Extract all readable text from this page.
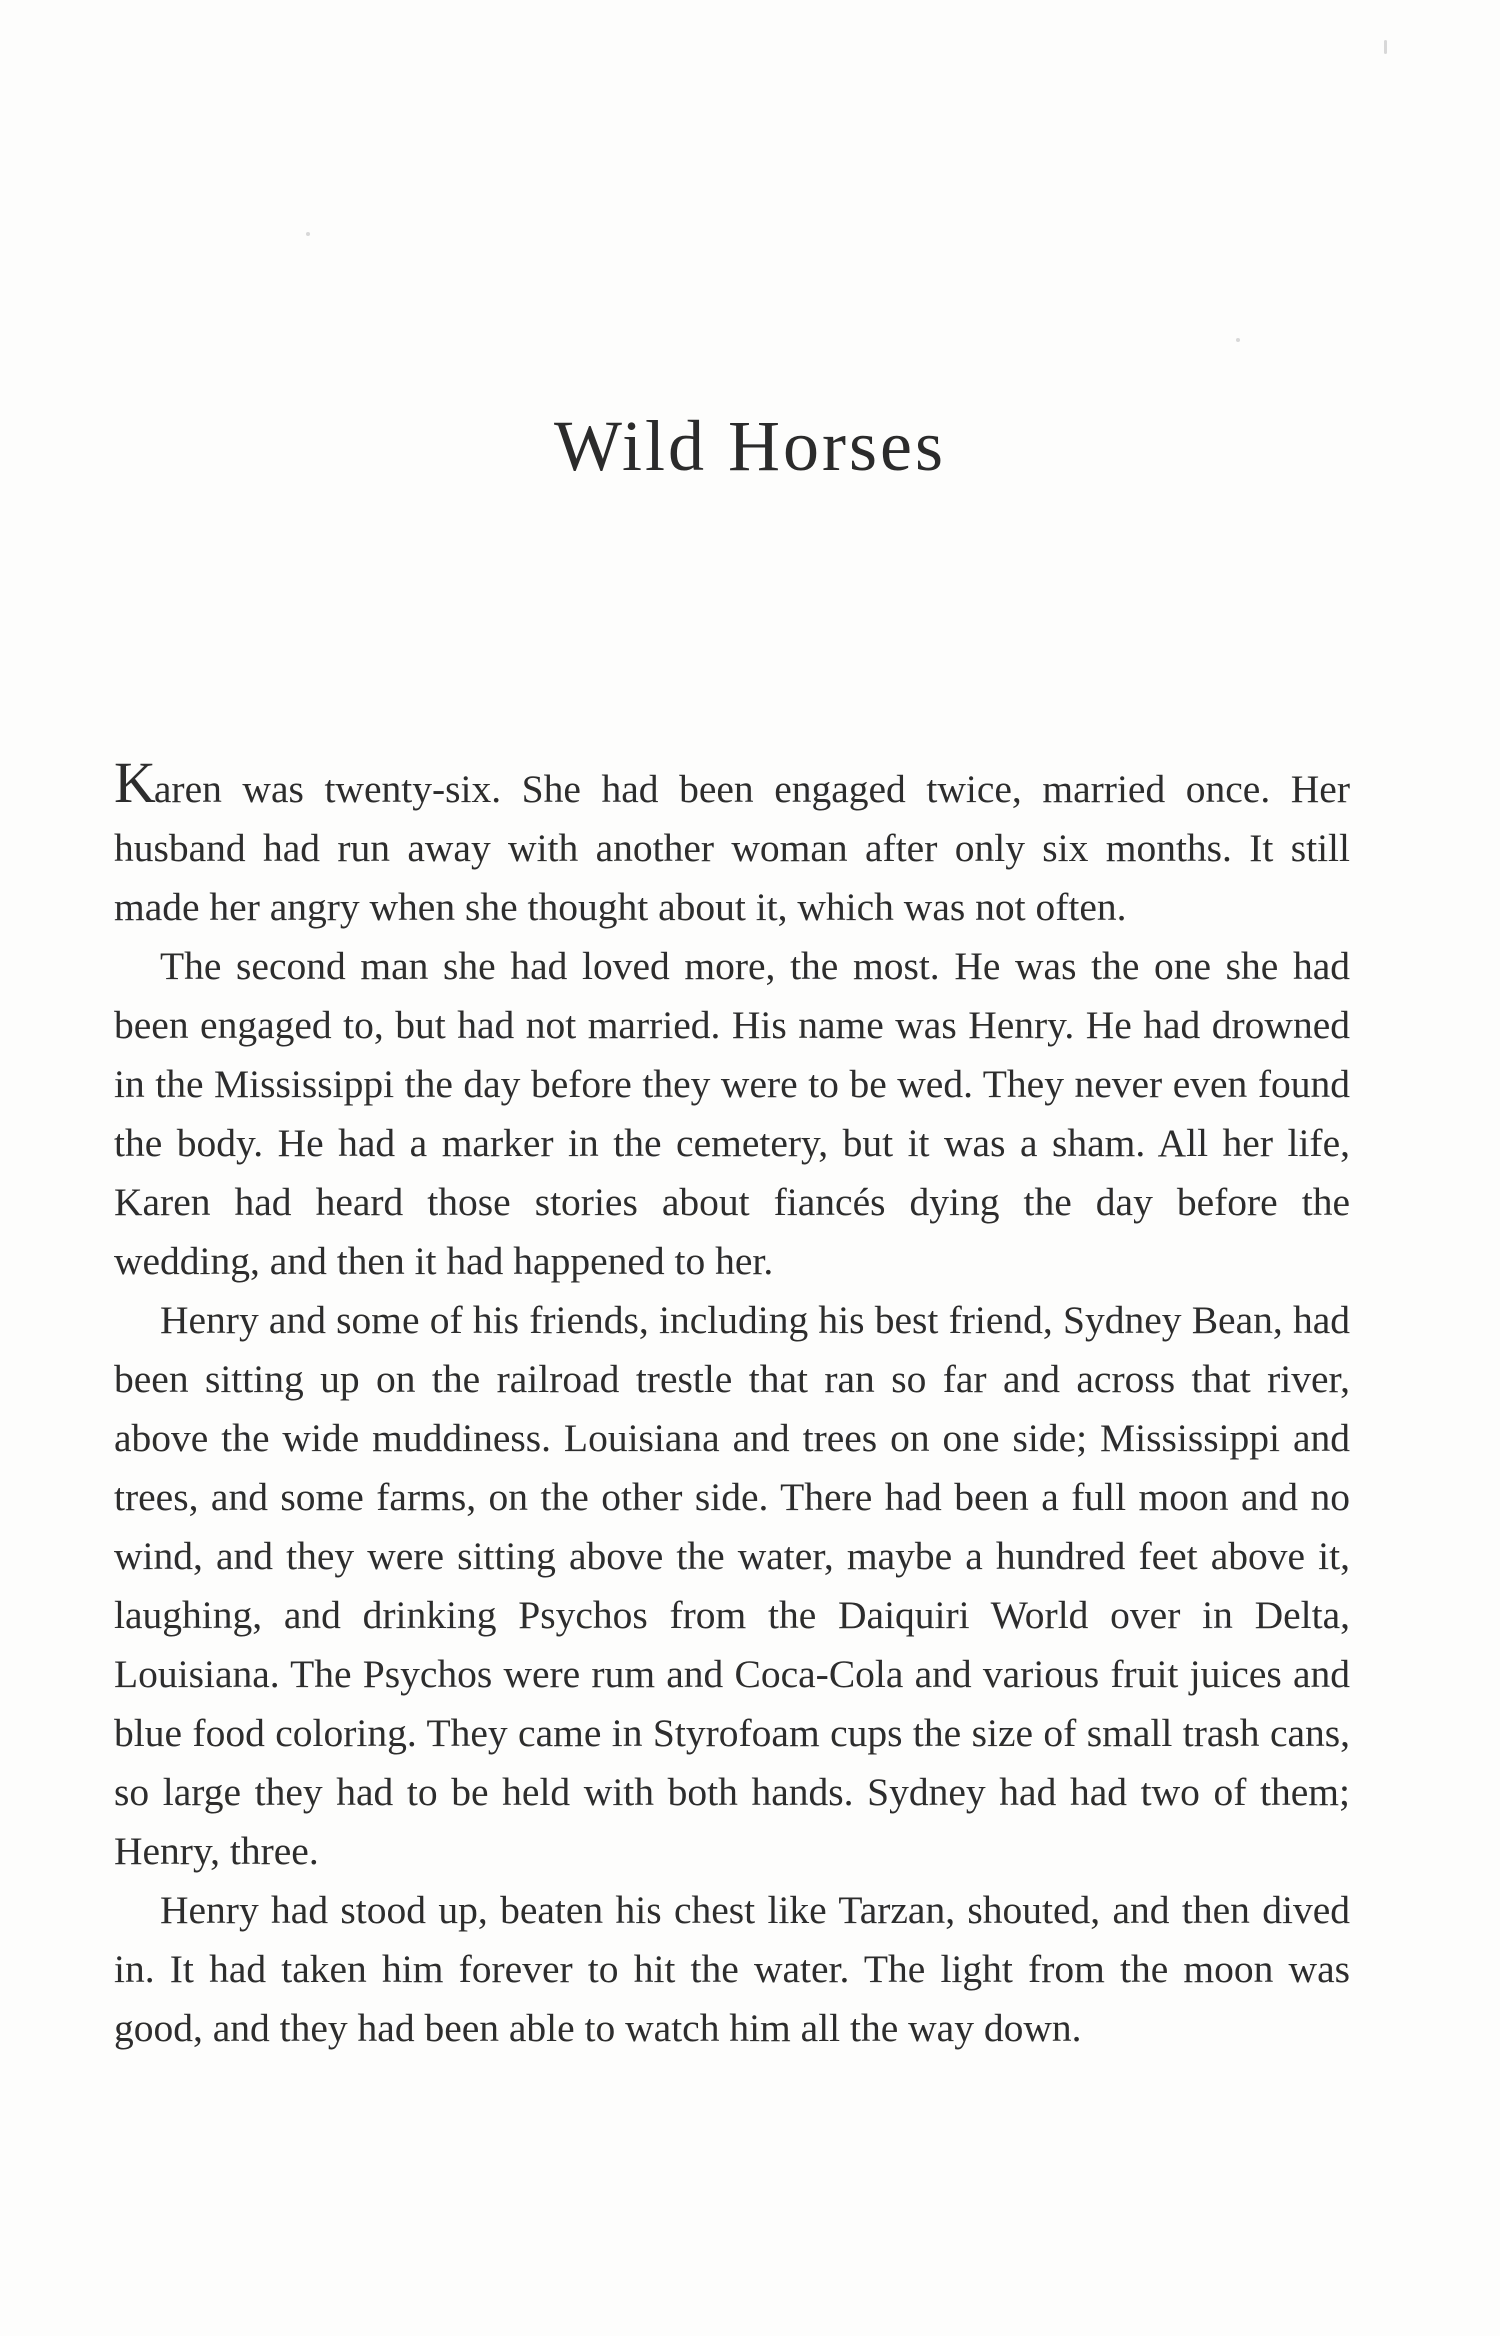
Wild Horses

Karen was twenty-six. She had been engaged twice, married once. Her husband had run away with another woman after only six months. It still made her angry when she thought about it, which was not often.

The second man she had loved more, the most. He was the one she had been engaged to, but had not married. His name was Henry. He had drowned in the Mississippi the day before they were to be wed. They never even found the body. He had a marker in the cemetery, but it was a sham. All her life, Karen had heard those stories about fiancés dying the day before the wedding, and then it had happened to her.

Henry and some of his friends, including his best friend, Sydney Bean, had been sitting up on the railroad trestle that ran so far and across that river, above the wide muddiness. Louisiana and trees on one side; Mississippi and trees, and some farms, on the other side. There had been a full moon and no wind, and they were sitting above the water, maybe a hundred feet above it, laughing, and drinking Psychos from the Daiquiri World over in Delta, Louisiana. The Psychos were rum and Coca-Cola and various fruit juices and blue food coloring. They came in Styrofoam cups the size of small trash cans, so large they had to be held with both hands. Sydney had had two of them; Henry, three.

Henry had stood up, beaten his chest like Tarzan, shouted, and then dived in. It had taken him forever to hit the water. The light from the moon was good, and they had been able to watch him all the way down.
